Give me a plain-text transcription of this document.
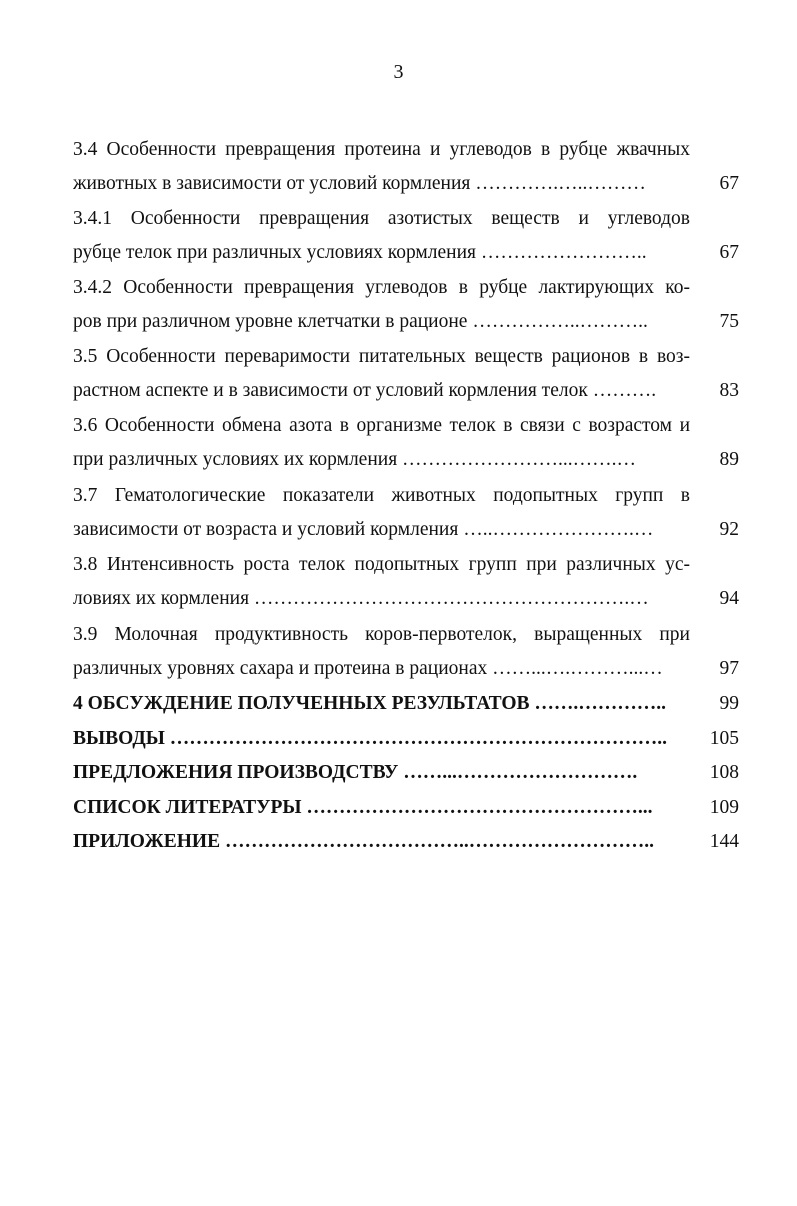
3
3.4 Особенности превращения протеина и углеводов в рубце жвачных
животных в зависимости от условий кормления ………….…..………	67
3.4.1 Особенности превращения азотистых веществ и углеводов
рубце телок при различных условиях кормления ……………………..	67
3.4.2 Особенности превращения углеводов в рубце лактирующих ко-
ров при различном уровне клетчатки в рационе ……………..………..	75
3.5 Особенности переваримости питательных веществ рационов в воз-
растном аспекте и в зависимости от условий кормления телок ……….	83
3.6 Особенности обмена азота в организме телок в связи с возрастом и
при различных условиях их кормления ……………………...…….…	89
3.7 Гематологические показатели животных подопытных групп в
зависимости от возраста и условий кормления …..………………….…	92
3.8 Интенсивность роста телок подопытных групп при различных ус-
ловиях их кормления ………………………………………………….…	94
3.9 Молочная продуктивность коров-первотелок, выращенных при
различных уровнях сахара и протеина в рационах ……...….………...…	97
4 ОБСУЖДЕНИЕ ПОЛУЧЕННЫХ РЕЗУЛЬТАТОВ …….…………..	99
ВЫВОДЫ …………………………………………………………………..	105
ПРЕДЛОЖЕНИЯ ПРОИЗВОДСТВУ ……...……………………….	108
СПИСОК ЛИТЕРАТУРЫ ……………………………………………...	109
ПРИЛОЖЕНИЕ ………………………………..………………………..	144
